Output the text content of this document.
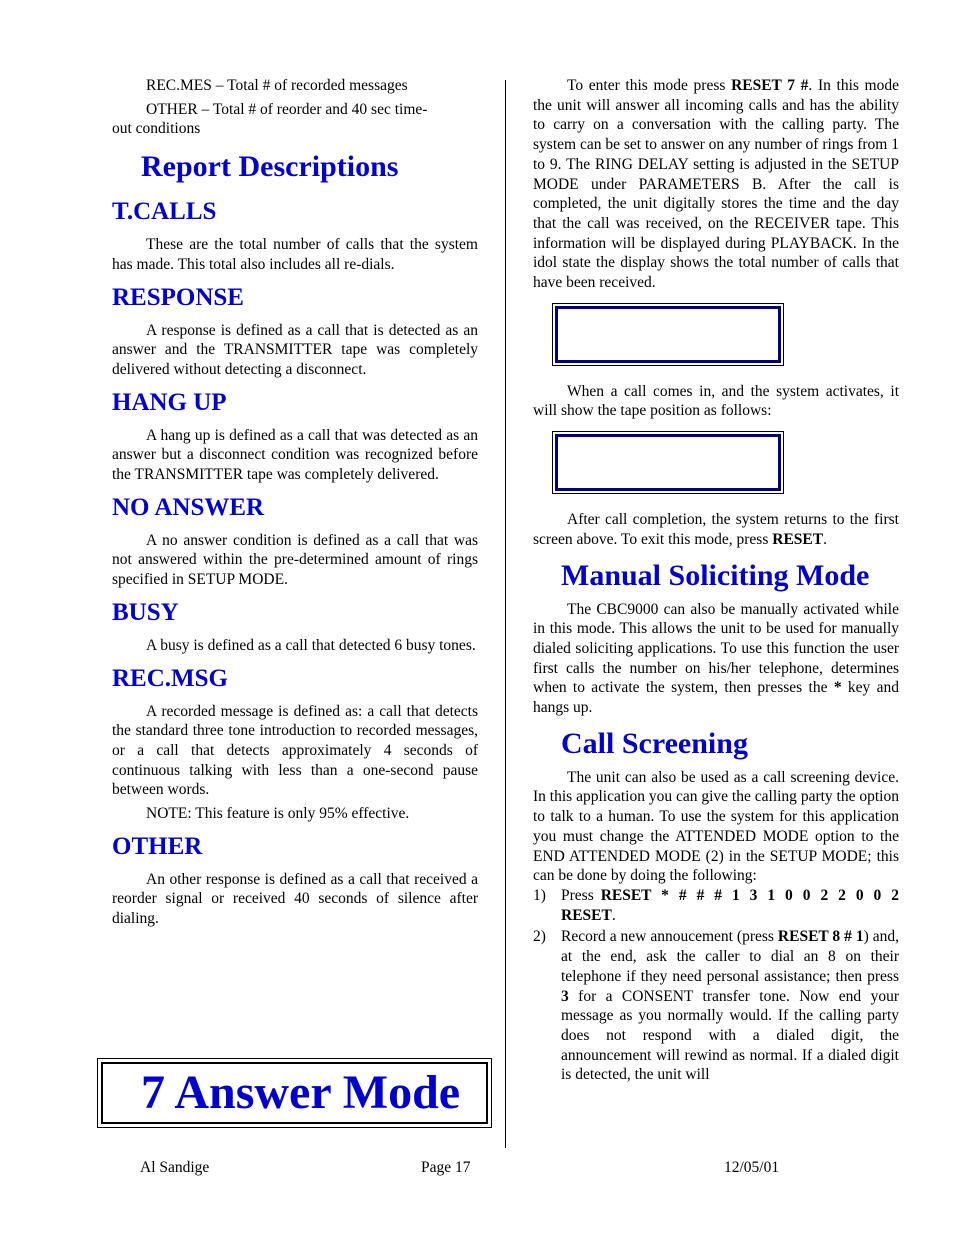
REC.MES – Total # of recorded messages

OTHER – Total # of reorder and 40 sec time-
out conditions

Report Descriptions
T.CALLS

These are the total number of calls that the system has made. This total also includes all re-dials.

RESPONSE

A response is defined as a call that is detected as an answer and the TRANSMITTER tape was completely delivered without detecting a disconnect.

HANG UP

A hang up is defined as a call that was detected as an answer but a disconnect condition was recognized before the TRANSMITTER tape was completely delivered.

NO ANSWER

A no answer condition is defined as a call that was not answered within the pre-determined amount of rings specified in SETUP MODE.

BUSY

A busy is defined as a call that detected 6 busy tones.

REC.MSG

A recorded message is defined as: a call that detects the standard three tone introduction to recorded messages, or a call that detects approximately 4 seconds of continuous talking with less than a one-second pause between words.

NOTE: This feature is only 95% effective.

OTHER

An other response is defined as a call that received a reorder signal or received 40 seconds of silence after dialing.

7 Answer Mode

To enter this mode press RESET 7 #. In this mode the unit will answer all incoming calls and has the ability to carry on a conversation with the calling party. The system can be set to answer on any number of rings from 1 to 9. The RING DELAY setting is adjusted in the SETUP MODE under PARAMETERS B. After the call is completed, the unit digitally stores the time and the day that the call was received, on the RECEIVER tape. This information will be displayed during PLAYBACK. In the idol state the display shows the total number of calls that have been received.

When a call comes in, and the system activates, it will show the tape position as follows:

After call completion, the system returns to the first screen above. To exit this mode, press RESET.

Manual Soliciting Mode

The CBC9000 can also be manually activated while in this mode. This allows the unit to be used for manually dialed soliciting applications. To use this function the user first calls the number on his/her telephone, determines when to activate the system, then presses the * key and hangs up.

Call Screening

The unit can also be used as a call screening device. In this application you can give the calling party the option to talk to a human. To use the system for this application you must change the ATTENDED MODE option to the END ATTENDED MODE (2) in the SETUP MODE; this can be done by doing the following:

1) Press RESET * # # # 1 3 1 0 0 2 2 0 0 2 RESET.
2) Record a new annoucement (press RESET 8 # 1) and, at the end, ask the caller to dial an 8 on their telephone if they need personal assistance; then press 3 for a CONSENT transfer tone. Now end your message as you normally would. If the calling party does not respond with a dialed digit, the announcement will rewind as normal. If a dialed digit is detected, the unit will
Al Sandige	Page 17	12/05/01
